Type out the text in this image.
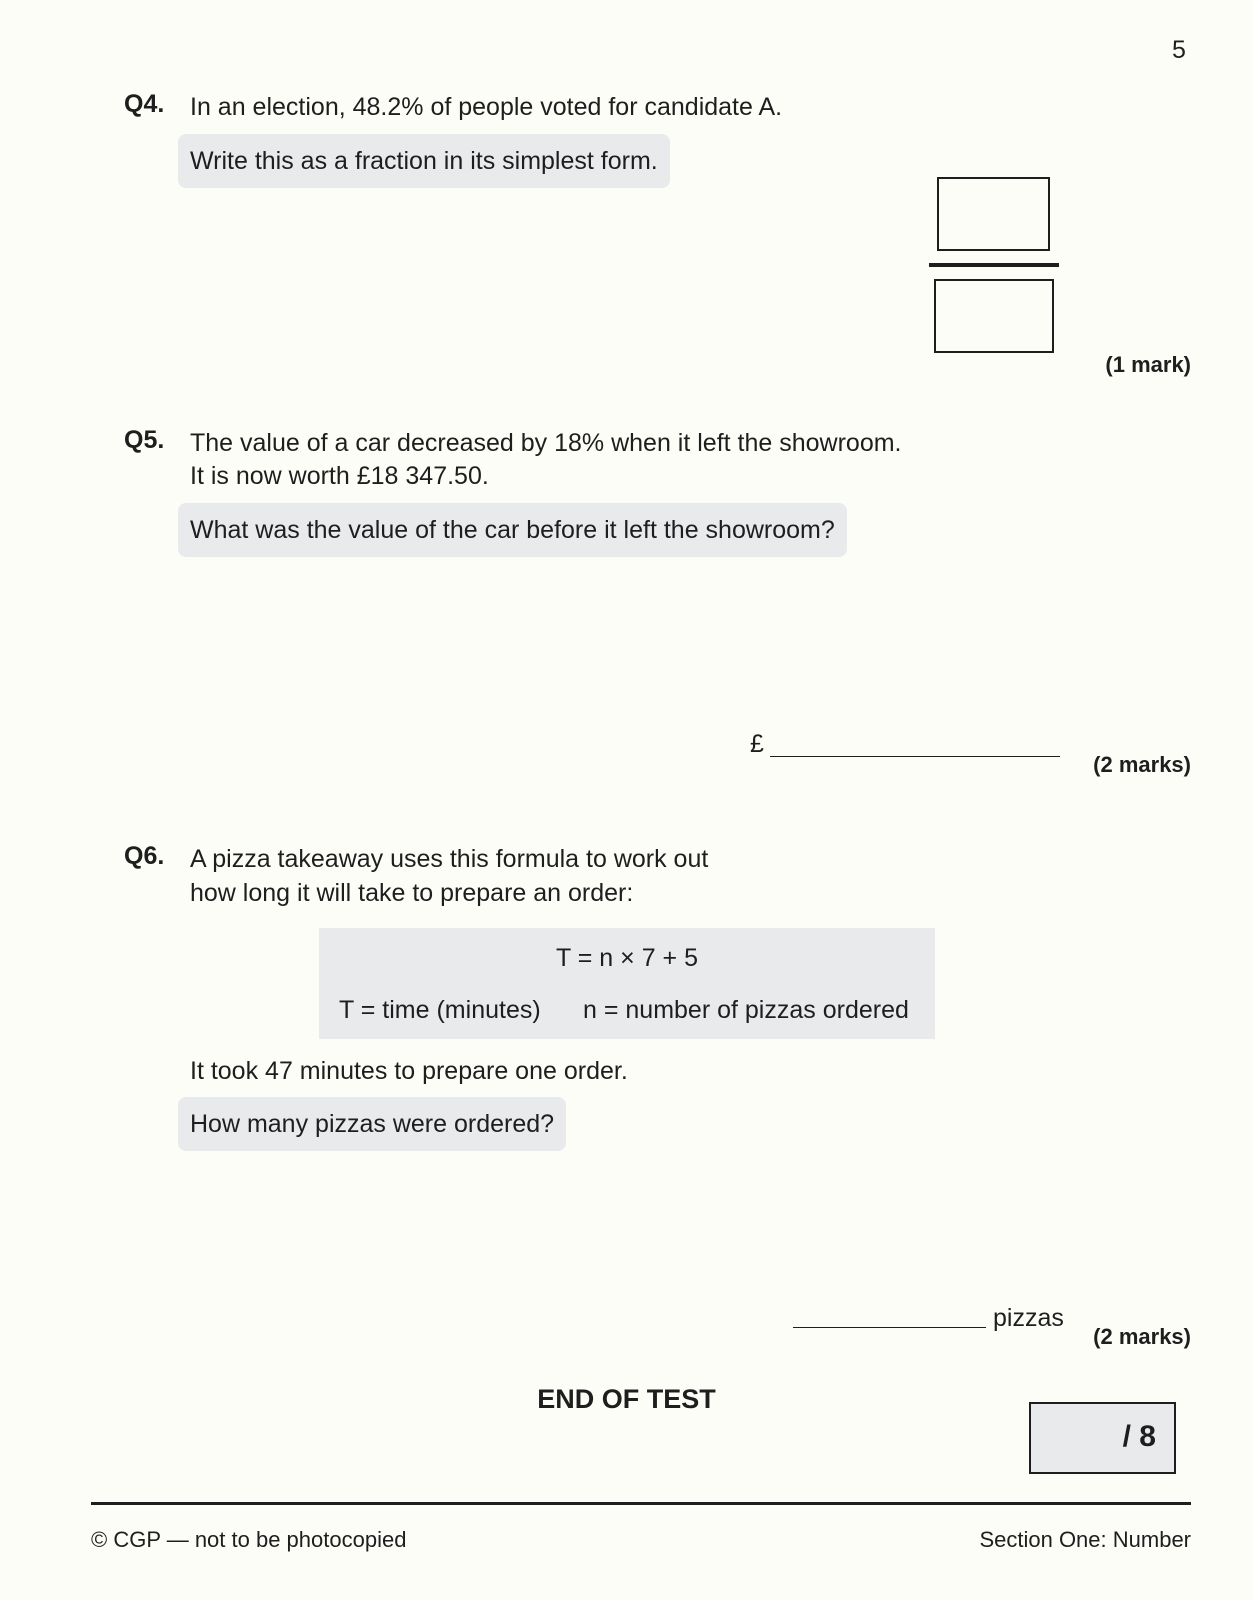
5
Q4. In an election, 48.2% of people voted for candidate A.
Write this as a fraction in its simplest form.
(1 mark)
Q5. The value of a car decreased by 18% when it left the showroom.
It is now worth £18 347.50.
What was the value of the car before it left the showroom?
£
(2 marks)
Q6. A pizza takeaway uses this formula to work out
how long it will take to prepare an order:
T = n × 7 + 5
T = time (minutes) n = number of pizzas ordered
It took 47 minutes to prepare one order.
How many pizzas were ordered?
pizzas
(2 marks)
END OF TEST
/ 8
© CGP — not to be photocopied	Section One: Number
